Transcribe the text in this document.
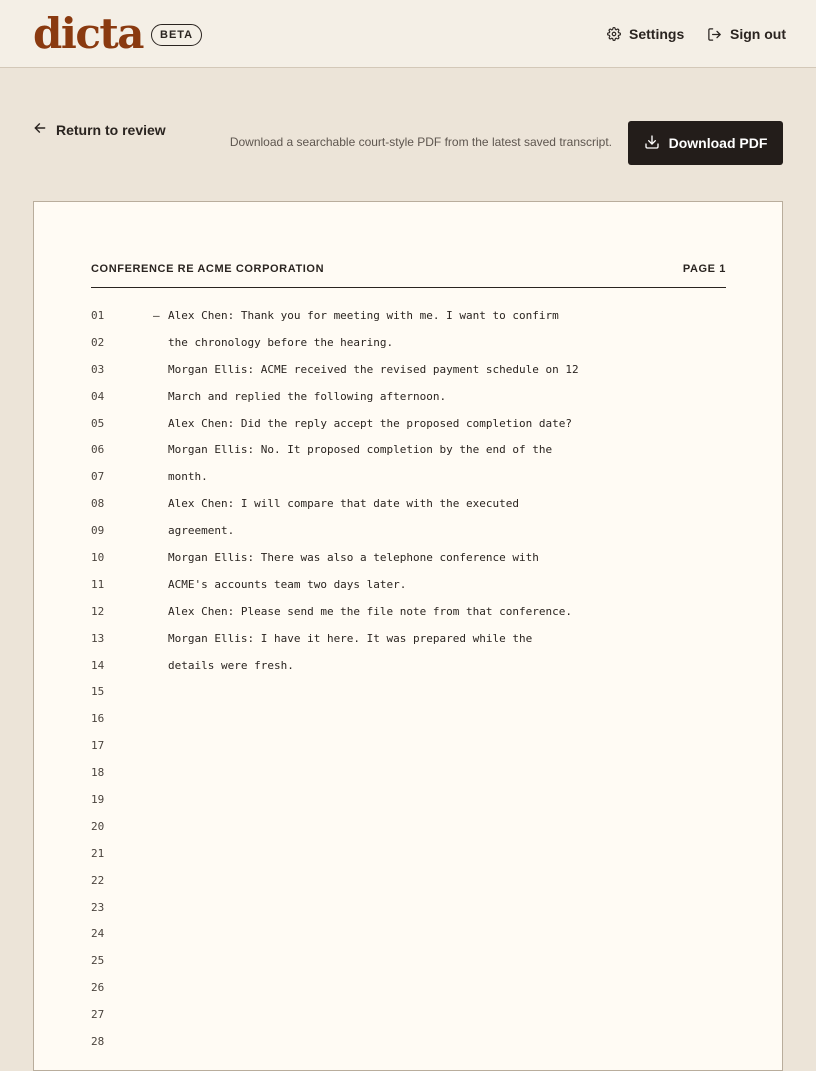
dicta	BETA	Settings	Sign out
Return to review
Download a searchable court-style PDF from the latest saved transcript.	Download PDF
CONFERENCE RE ACME CORPORATION	PAGE 1
01	— Alex Chen: Thank you for meeting with me. I want to confirm
02	the chronology before the hearing.
03	Morgan Ellis: ACME received the revised payment schedule on 12
04	March and replied the following afternoon.
05	Alex Chen: Did the reply accept the proposed completion date?
06	Morgan Ellis: No. It proposed completion by the end of the
07	month.
08	Alex Chen: I will compare that date with the executed
09	agreement.
10	Morgan Ellis: There was also a telephone conference with
11	ACME's accounts team two days later.
12	Alex Chen: Please send me the file note from that conference.
13	Morgan Ellis: I have it here. It was prepared while the
14	details were fresh.
15
16
17
18
19
20
21
22
23
24
25
26
27
28
